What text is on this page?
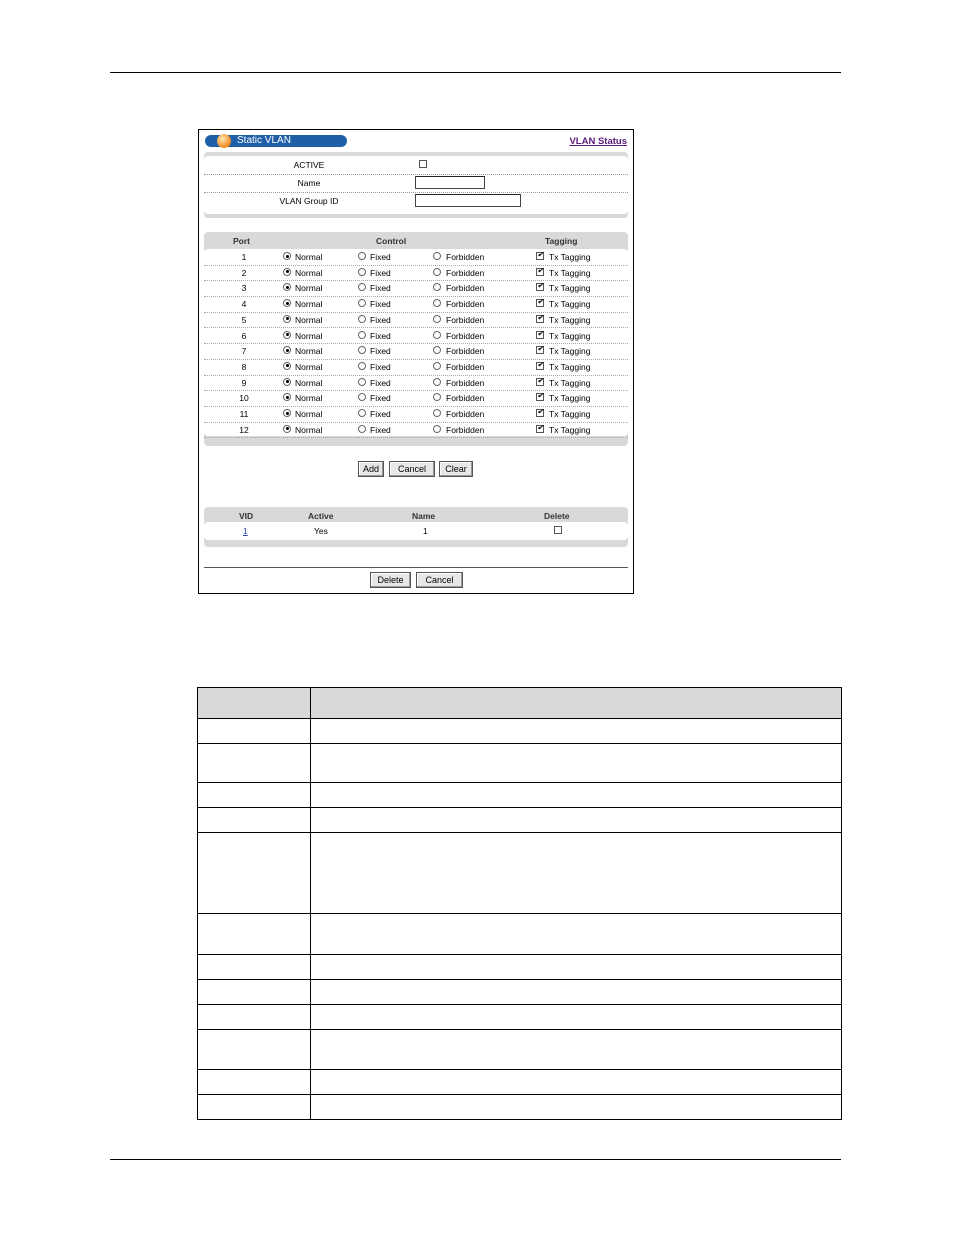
Static VLAN	VLAN Status
ACTIVE
Name
VLAN Group ID
Port	Control	Tagging
1	Normal	Fixed	Forbidden ✔	Tx Tagging
2	Normal	Fixed	Forbidden ✔	Tx Tagging
3	Normal	Fixed	Forbidden ✔	Tx Tagging
4	Normal	Fixed	Forbidden ✔	Tx Tagging
5	Normal	Fixed	Forbidden ✔	Tx Tagging
6	Normal	Fixed	Forbidden ✔	Tx Tagging
7	Normal	Fixed	Forbidden ✔	Tx Tagging
8	Normal	Fixed	Forbidden ✔	Tx Tagging
9	Normal	Fixed	Forbidden ✔	Tx Tagging
10	Normal	Fixed	Forbidden ✔	Tx Tagging
11	Normal	Fixed	Forbidden ✔	Tx Tagging
12	Normal	Fixed	Forbidden ✔	Tx Tagging
Add	Cancel	Clear
VID	Active	Name	Delete
1	Yes	1
Delete	Cancel
